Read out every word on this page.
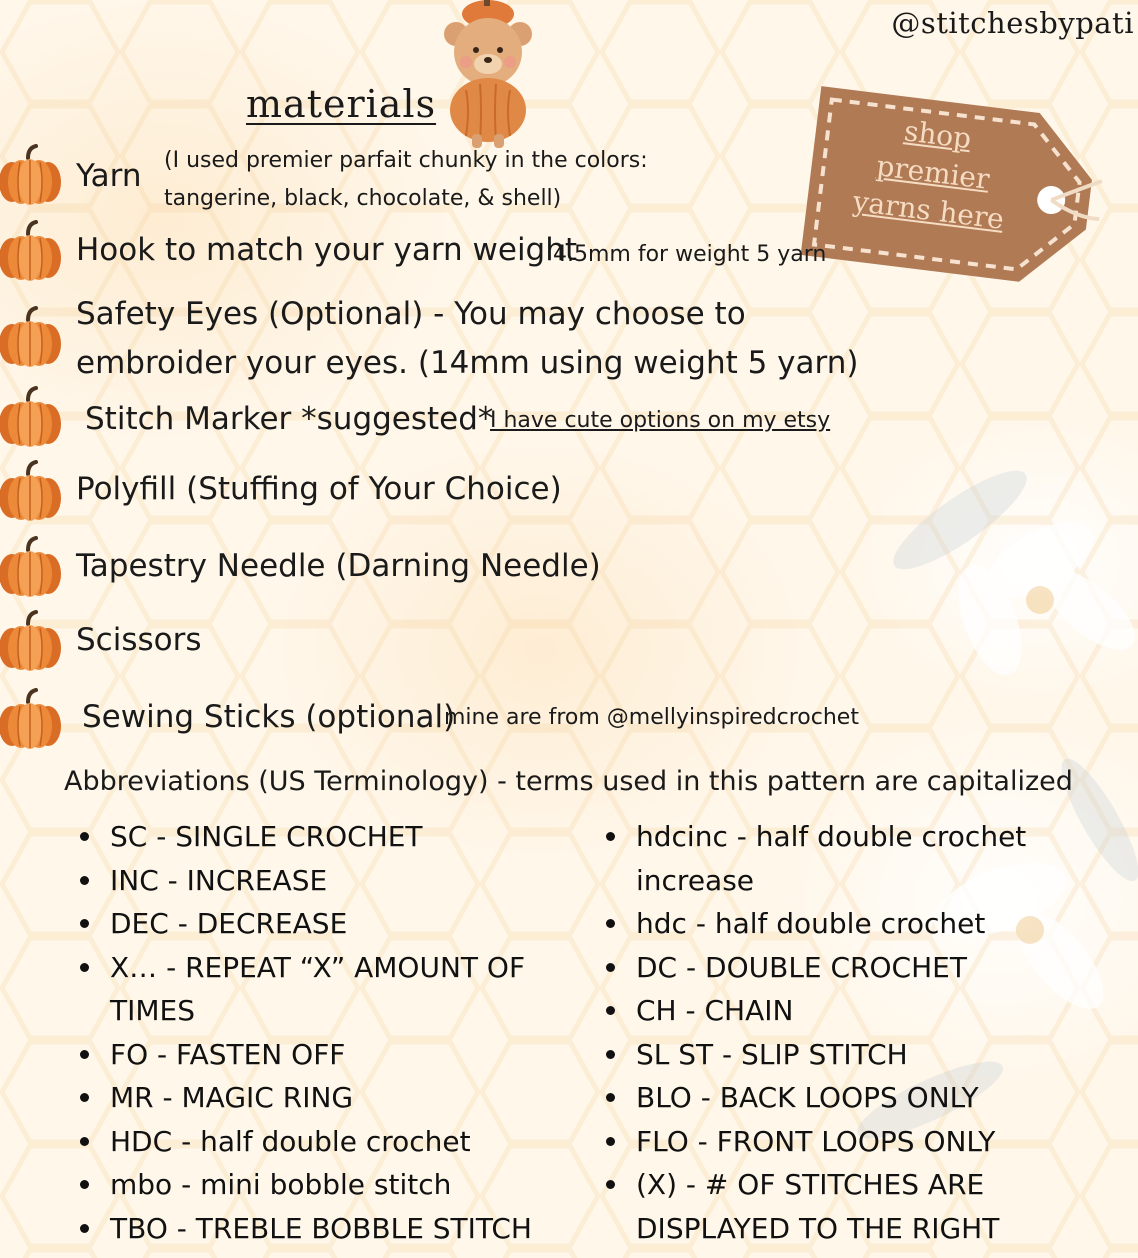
@stitchesbypati
materials
shop
premier
yarns here
Yarn (I used premier parfait chunky in the colors:
tangerine, black, chocolate, & shell)
Hook to match your yarn weight
4.5mm for weight 5 yarn
Safety Eyes (Optional) - You may choose to
embroider your eyes. (14mm using weight 5 yarn)
Stitch Marker *suggested*
I have cute options on my etsy
Polyfill (Stuffing of Your Choice)
Tapestry Needle (Darning Needle)
Scissors
Sewing Sticks (optional)
mine are from @mellyinspiredcrochet
Abbreviations (US Terminology) - terms used in this pattern are capitalized
SC - SINGLE CROCHET
INC - INCREASE
DEC - DECREASE
X… - REPEAT “X” AMOUNT OF TIMES
FO - FASTEN OFF
MR - MAGIC RING
HDC - half double crochet
mbo - mini bobble stitch
TBO - TREBLE BOBBLE STITCH
hdcinc - half double crochet increase
hdc - half double crochet
DC - DOUBLE CROCHET
CH - CHAIN
SL ST - SLIP STITCH
BLO - BACK LOOPS ONLY
FLO - FRONT LOOPS ONLY
(X) - # OF STITCHES ARE DISPLAYED TO THE RIGHT
